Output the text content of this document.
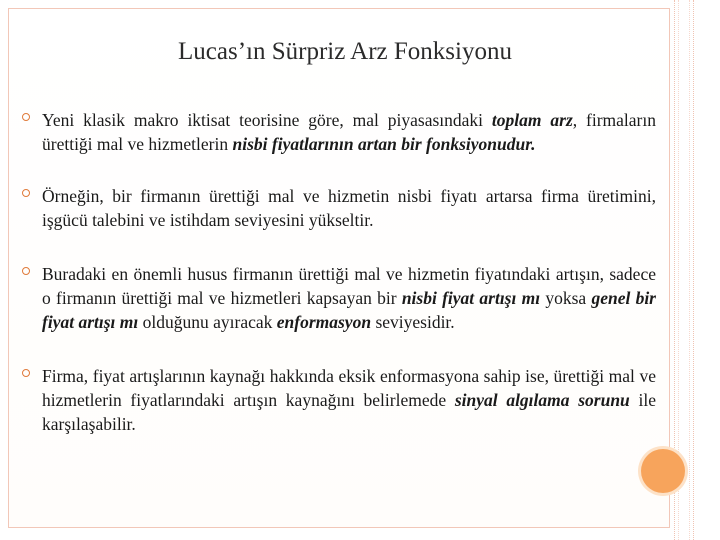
Lucas’ın Sürpriz Arz Fonksiyonu
Yeni klasik makro iktisat teorisine göre, mal piyasasındaki toplam arz, firmaların ürettiği mal ve hizmetlerin nisbi fiyatlarının artan bir fonksiyonudur.
Örneğin, bir firmanın ürettiği mal ve hizmetin nisbi fiyatı artarsa firma üretimini, işgücü talebini ve istihdam seviyesini yükseltir.
Buradaki en önemli husus firmanın ürettiği mal ve hizmetin fiyatındaki artışın, sadece o firmanın ürettiği mal ve hizmetleri kapsayan bir nisbi fiyat artışı mı yoksa genel bir fiyat artışı mı olduğunu ayıracak enformasyon seviyesidir.
Firma, fiyat artışlarının kaynağı hakkında eksik enformasyona sahip ise, ürettiği mal ve hizmetlerin fiyatlarındaki artışın kaynağını belirlemede sinyal algılama sorunu ile karşılaşabilir.
